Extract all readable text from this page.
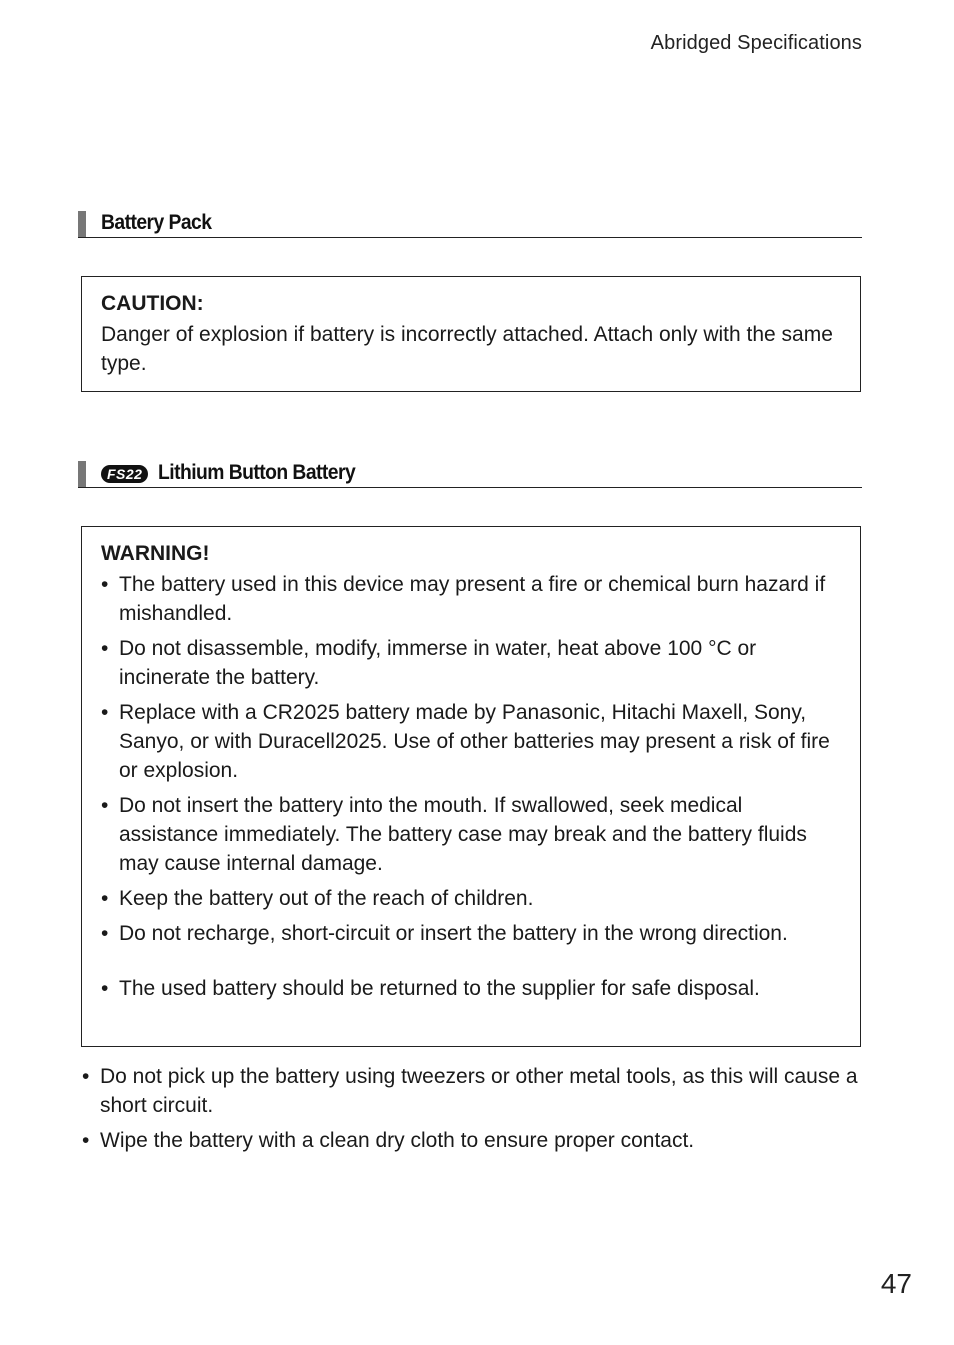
Abridged Specifications
Battery Pack
CAUTION:

Danger of explosion if battery is incorrectly attached. Attach only with the same type.

FS22 Lithium Button Battery
WARNING!
• The battery used in this device may present a fire or chemical burn hazard if mishandled.
• Do not disassemble, modify, immerse in water, heat above 100 °C or incinerate the battery.
• Replace with a CR2025 battery made by Panasonic, Hitachi Maxell, Sony, Sanyo, or with Duracell2025. Use of other batteries may present a risk of fire or explosion.
• Do not insert the battery into the mouth. If swallowed, seek medical assistance immediately. The battery case may break and the battery fluids may cause internal damage.
• Keep the battery out of the reach of children.
• Do not recharge, short-circuit or insert the battery in the wrong direction.
• The used battery should be returned to the supplier for safe disposal.
• Do not pick up the battery using tweezers or other metal tools, as this will cause a short circuit.
• Wipe the battery with a clean dry cloth to ensure proper contact.
47
